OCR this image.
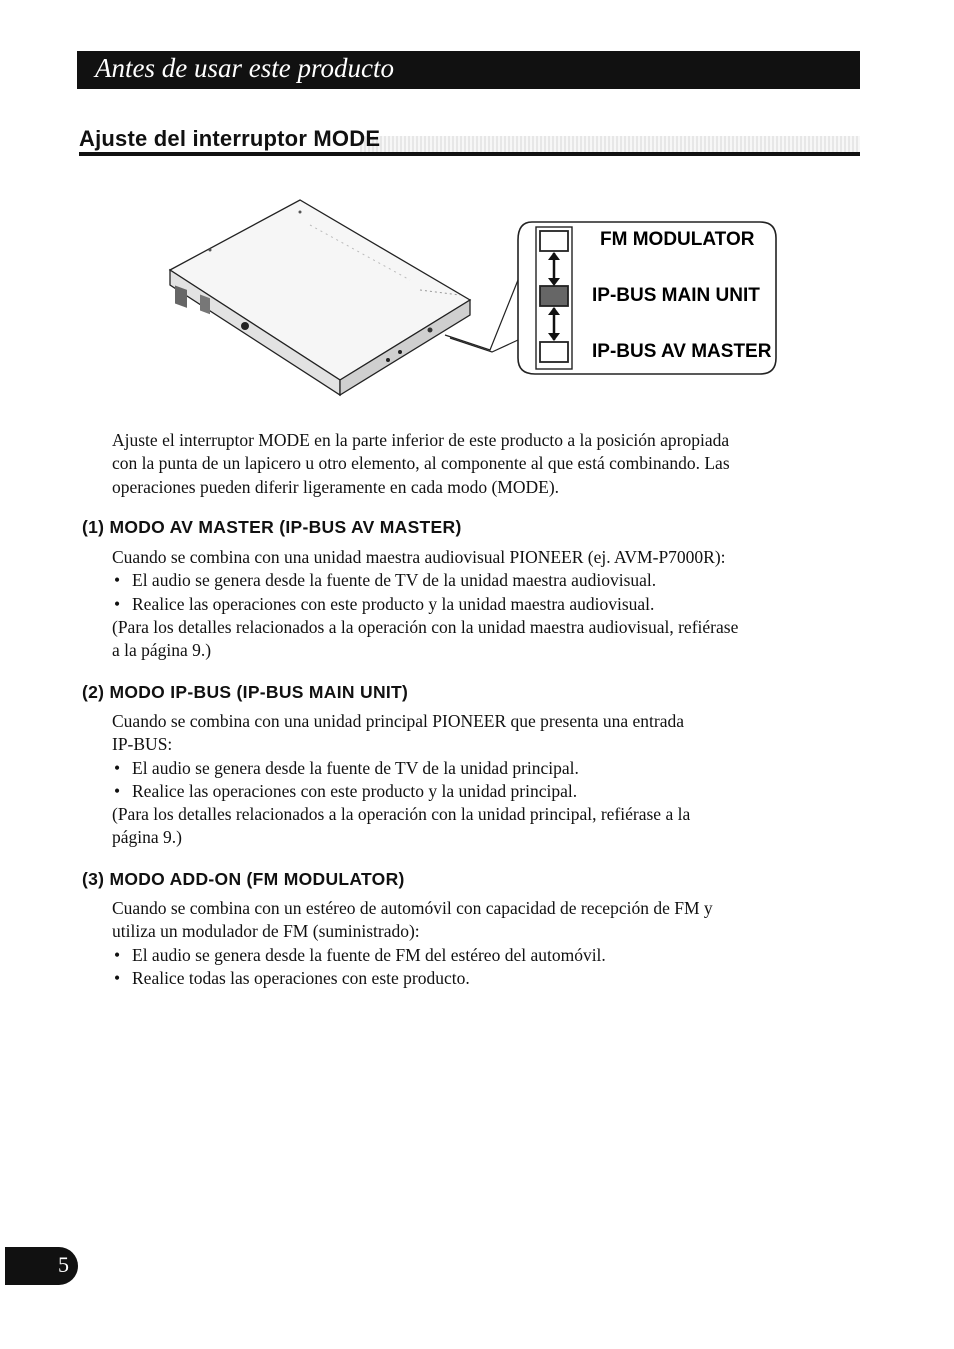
Antes de usar este producto
Ajuste del interruptor MODE
FM MODULATOR
IP-BUS MAIN UNIT
IP-BUS AV MASTER
Ajuste el interruptor MODE en la parte inferior de este producto a la posición apropiada
con la punta de un lapicero u otro elemento, al componente al que está combinando. Las
operaciones pueden diferir ligeramente en cada modo (MODE).
(1) MODO AV MASTER (IP-BUS AV MASTER)
Cuando se combina con una unidad maestra audiovisual PIONEER (ej. AVM-P7000R):
• El audio se genera desde la fuente de TV de la unidad maestra audiovisual.
• Realice las operaciones con este producto y la unidad maestra audiovisual.
(Para los detalles relacionados a la operación con la unidad maestra audiovisual, refiérase
a la página 9.)
(2) MODO IP-BUS (IP-BUS MAIN UNIT)
Cuando se combina con una unidad principal PIONEER que presenta una entrada
IP-BUS:
• El audio se genera desde la fuente de TV de la unidad principal.
• Realice las operaciones con este producto y la unidad principal.
(Para los detalles relacionados a la operación con la unidad principal, refiérase a la
página 9.)
(3) MODO ADD-ON (FM MODULATOR)
Cuando se combina con un estéreo de automóvil con capacidad de recepción de FM y
utiliza un modulador de FM (suministrado):
• El audio se genera desde la fuente de FM del estéreo del automóvil.
• Realice todas las operaciones con este producto.
5
